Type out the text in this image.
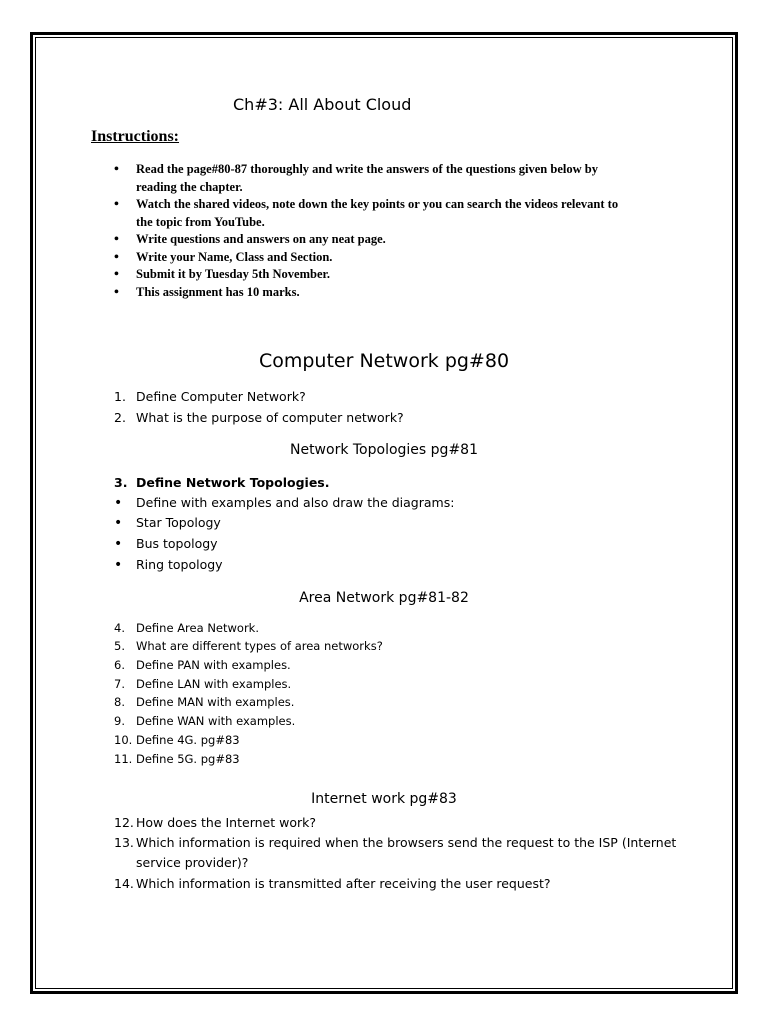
Ch#3: All About Cloud
Instructions:
• Read the page#80-87 thoroughly and write the answers of the questions given below by
reading the chapter.
• Watch the shared videos, note down the key points or you can search the videos relevant to
the topic from YouTube.
• Write questions and answers on any neat page.
• Write your Name, Class and Section.
• Submit it by Tuesday 5th November.
• This assignment has 10 marks.
Computer Network pg#80
1. Define Computer Network?
2. What is the purpose of computer network?
Network Topologies pg#81
3. Define Network Topologies.
• Define with examples and also draw the diagrams:
• Star Topology
• Bus topology
• Ring topology
Area Network pg#81-82
4. Define Area Network.
5. What are different types of area networks?
6. Define PAN with examples.
7. Define LAN with examples.
8. Define MAN with examples.
9. Define WAN with examples.
10. Define 4G. pg#83
11. Define 5G. pg#83
Internet work pg#83
12. How does the Internet work?
13. Which information is required when the browsers send the request to the ISP (Internet
service provider)?
14. Which information is transmitted after receiving the user request?
